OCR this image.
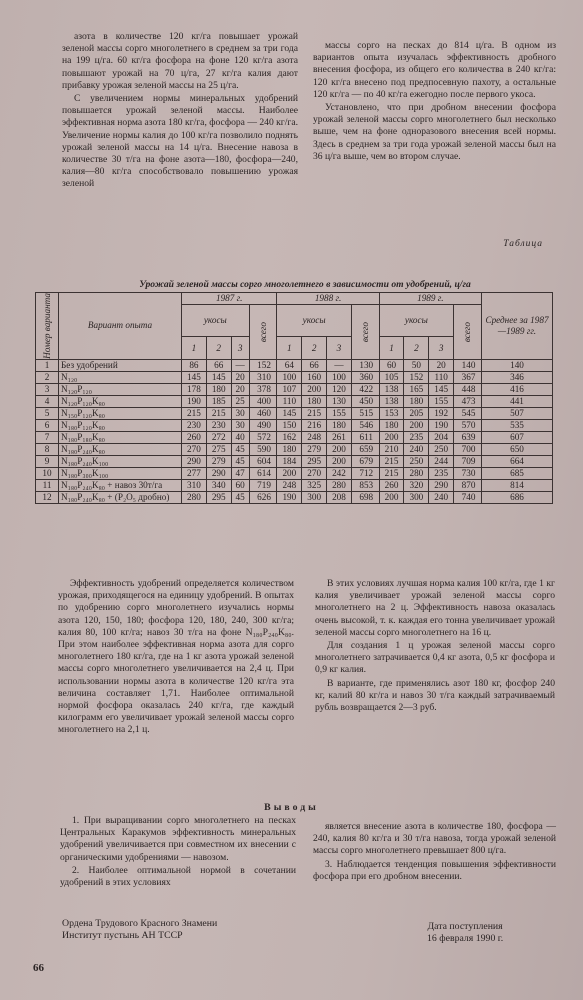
азота в количестве 120 кг/га повышает урожай зеленой массы сорго многолетнего в среднем за три года на 199 ц/га. 60 кг/га фосфора на фоне 120 кг/га азота повышают урожай на 70 ц/га, 27 кг/га калия дают прибавку урожая зеленой массы на 25 ц/га.

С увеличением нормы минеральных удобрений повышается урожай зеленой массы. Наиболее эффективная норма азота 180 кг/га, фосфора — 240 кг/га. Увеличение нормы калия до 100 кг/га позволило поднять урожай зеленой массы на 14 ц/га. Внесение навоза в количестве 30 т/га на фоне азота—180, фосфора—240, калия—80 кг/га способствовало повышению урожая зеленой

массы сорго на песках до 814 ц/га. В одном из вариантов опыта изучалась эффективность дробного внесения фосфора, из общего его количества в 240 кг/га: 120 кг/га внесено под предпосевную пахоту, а остальные 120 кг/га — по 40 кг/га ежегодно после первого укоса.

Установлено, что при дробном внесении фосфора урожай зеленой массы сорго многолетнего был несколько выше, чем на фоне одноразового внесения всей нормы. Здесь в среднем за три года урожай зеленой массы был на 36 ц/га выше, чем во втором случае.

Таблица
Урожай зеленой массы сорго многолетнего в зависимости от удобрений, ц/га
Номер варианта	Вариант опыта	1987 г.				1988 г.				1989 г.				Среднее за 1987—1989 гг.
		укосы			всего	укосы			всего	укосы			всего	

		1	2	3		1	2	3		1	2	3		
1	Без удобрений	86	66	—	152	64	66	—	130	60	50	20	140	140
2	N₁₂₀	145	145	20	310	100	160	100	360	105	152	110	367	346
3	N₁₂₀P₁₂₀	178	180	20	378	107	200	120	422	138	165	145	448	416
4	N₁₂₀P₁₂₀K₈₀	190	185	25	400	110	180	130	450	138	180	155	473	441
5	N₁₅₀P₁₂₀K₈₀	215	215	30	460	145	215	155	515	153	205	192	545	507
6	N₁₈₀P₁₂₀K₈₀	230	230	30	490	150	216	180	546	180	200	190	570	535
7	N₁₈₀P₁₈₀K₈₀	260	272	40	572	162	248	261	611	200	235	204	639	607
8	N₁₈₀P₂₄₀K₈₀	270	275	45	590	180	279	200	659	210	240	250	700	650
9	N₁₈₀P₂₄₀K₁₀₀	290	279	45	604	184	295	200	679	215	250	244	709	664
10	N₁₈₀P₃₀₀K₁₀₀	277	290	47	614	200	270	242	712	215	280	235	730	685
11	N₁₈₀P₂₄₀K₈₀ + навоз 30т/га	310	340	60	719	248	325	280	853	260	320	290	870	814
12	N₁₈₀P₂₄₀K₈₀ + (P₂O₅ дробно)	280	295	45	626	190	300	208	698	200	300	240	740	686

Эффективность удобрений определяется количеством урожая, приходящегося на единицу удобрений. В опытах по удобрению сорго многолетнего изучались нормы азота 120, 150, 180; фосфора 120, 180, 240, 300 кг/га; калия 80, 100 кг/га; навоз 30 т/га на фоне N₁₈₀P₂₄₀K₈₀. При этом наиболее эффективная норма азота для сорго многолетнего 180 кг/га, где на 1 кг азота урожай зеленой массы сорго многолетнего увеличивается на 2,4 ц. При использовании нормы азота в количестве 120 кг/га эта величина составляет 1,71. Наиболее оптимальной нормой фосфора оказалась 240 кг/га, где каждый килограмм его увеличивает урожай зеленой массы сорго многолетнего на 2,1 ц.

В этих условиях лучшая норма калия 100 кг/га, где 1 кг калия увеличивает урожай зеленой массы сорго многолетнего на 2 ц. Эффективность навоза оказалась очень высокой, т. к. каждая его тонна увеличивает урожай зеленой массы сорго многолетнего на 16 ц.

Для создания 1 ц урожая зеленой массы сорго многолетнего затрачивается 0,4 кг азота, 0,5 кг фосфора и 0,9 кг калия.

В варианте, где применялись азот 180 кг, фосфор 240 кг, калий 80 кг/га и навоз 30 т/га каждый затрачиваемый рубль возвращается 2—3 руб.

Выводы

1. При выращивании сорго многолетнего на песках Центральных Каракумов эффективность минеральных удобрений увеличивается при совместном их внесении с органическими удобрениями — навозом.

2. Наиболее оптимальной нормой в сочетании удобрений в этих условиях

является внесение азота в количестве 180, фосфора — 240, калия 80 кг/га и 30 т/га навоза, тогда урожай зеленой массы сорго многолетнего превышает 800 ц/га.

3. Наблюдается тенденция повышения эффективности фосфора при его дробном внесении.

Ордена Трудового Красного Знамени
Институт пустынь АН ТССР
Дата поступления
16 февраля 1990 г.
66
